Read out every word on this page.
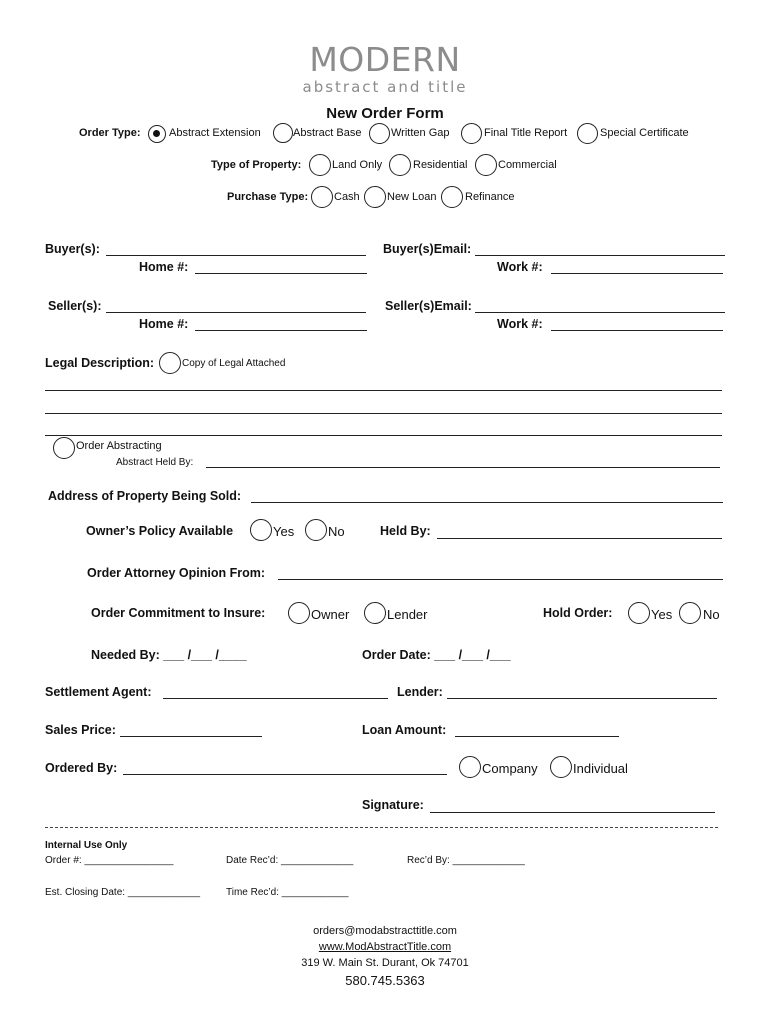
MODERN
abstract and title
New Order Form
Order Type:	Abstract Extension	Abstract Base	Written Gap	Final Title Report	Special Certificate
Type of Property:	Land Only	Residential	Commercial
Purchase Type: Cash New Loan	Refinance
Buyer(s):	Buyer(s)Email:
Home #:	Work #:
Seller(s):	Seller(s)Email:
Home #:	Work #:
Legal Description:	Copy of Legal Attached
Order Abstracting
Abstract Held By:
Address of Property Being Sold:
Owner’s Policy Available	Yes	No	Held By:
Order Attorney Opinion From:
Order Commitment to Insure:	Owner	Lender	Hold Order:	Yes No
Needed By: ___ /___ /____	Order Date: ___ /___ /___
Settlement Agent:	Lender:
Sales Price:	Loan Amount:
Ordered By:	Company	Individual
Signature:
Internal Use Only
Order #: ________________	Date Rec’d: _____________	Rec’d By: _____________
Est. Closing Date: _____________	Time Rec’d: ____________
orders@modabstracttitle.com
www.ModAbstractTitle.com
319 W. Main St. Durant, Ok 74701
580.745.5363
